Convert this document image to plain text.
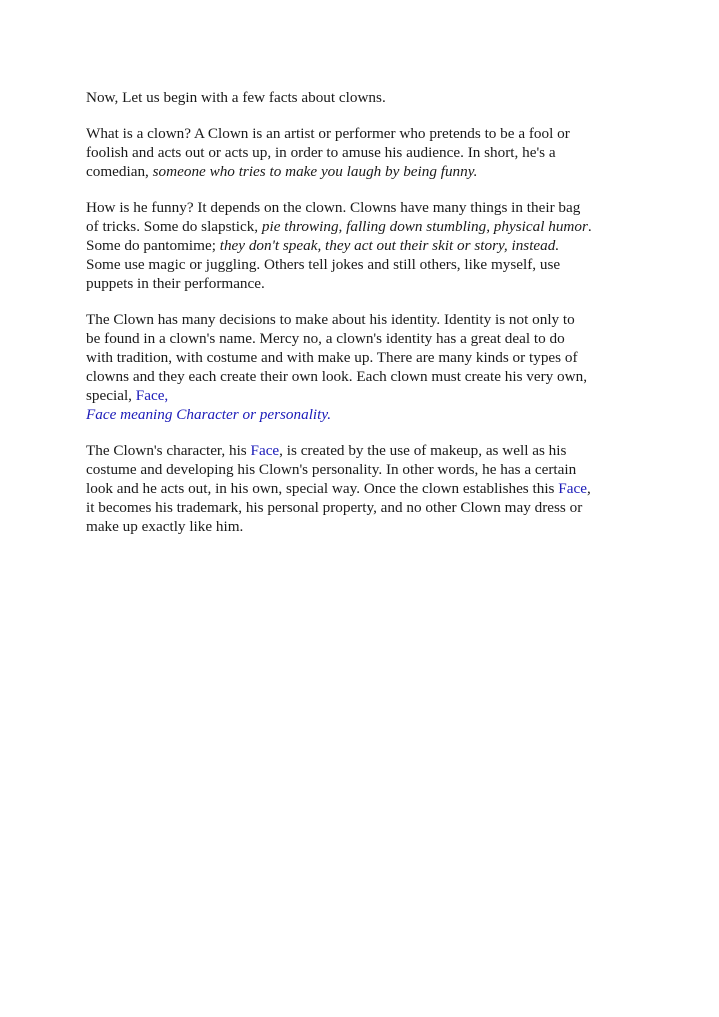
Now, Let us begin with a few facts about clowns.

What is a clown? A Clown is an artist or performer who pretends to be a fool or
foolish and acts out or acts up, in order to amuse his audience. In short, he's a
comedian, someone who tries to make you laugh by being funny.

How is he funny? It depends on the clown. Clowns have many things in their bag
of tricks. Some do slapstick, pie throwing, falling down stumbling, physical humor.
Some do pantomime; they don't speak, they act out their skit or story, instead.
Some use magic or juggling. Others tell jokes and still others, like myself, use
puppets in their performance.

The Clown has many decisions to make about his identity. Identity is not only to
be found in a clown's name. Mercy no, a clown's identity has a great deal to do
with tradition, with costume and with make up. There are many kinds or types of
clowns and they each create their own look. Each clown must create his very own,
special, Face,
Face meaning Character or personality.

The Clown's character, his Face, is created by the use of makeup, as well as his
costume and developing his Clown's personality. In other words, he has a certain
look and he acts out, in his own, special way. Once the clown establishes this Face,
it becomes his trademark, his personal property, and no other Clown may dress or
make up exactly like him.
